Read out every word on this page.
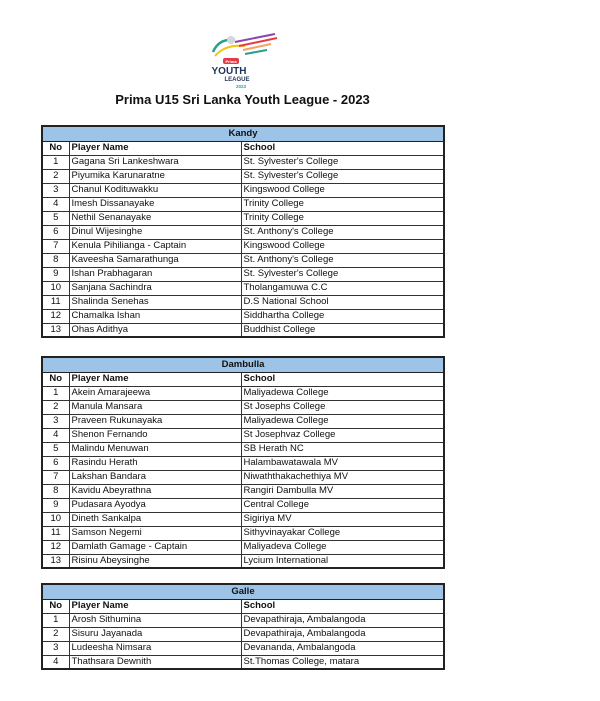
Prima
YOUTH
LEAGUE
2023
Prima U15 Sri Lanka Youth League - 2023
Kandy		
No	Player Name	School
1	Gagana Sri Lankeshwara	St. Sylvester's College
2	Piyumika Karunaratne	St. Sylvester's College
3	Chanul Kodituwakku	Kingswood College
4	Imesh Dissanayake	Trinity College
5	Nethil Senanayake	Trinity College
6	Dinul Wijesinghe	St. Anthony's College
7	Kenula Pihilianga - Captain	Kingswood College
8	Kaveesha Samarathunga	St. Anthony's College
9	Ishan Prabhagaran	St. Sylvester's College
10	Sanjana Sachindra	Tholangamuwa C.C
11	Shalinda Senehas	D.S National School
12	Chamalka Ishan	Siddhartha College
13	Ohas Adithya	Buddhist College
Dambulla		
No	Player Name	School
1	Akein Amarajeewa	Maliyadewa College
2	Manula Mansara	St Josephs College
3	Praveen Rukunayaka	Maliyadewa College
4	Shenon Fernando	St Josephvaz College
5	Malindu Menuwan	SB Herath NC
6	Rasindu Herath	Halambawatawala MV
7	Lakshan Bandara	Niwaththakachethiya MV
8	Kavidu Abeyrathna	Rangiri Dambulla MV
9	Pudasara Ayodya	Central College
10	Dineth Sankalpa	Sigiriya MV
11	Samson Negemi	Sithyvinayakar College
12	Damlath Gamage - Captain	Maliyadeva College
13	Risinu Abeysinghe	Lycium International
Galle		
No	Player Name	School
1	Arosh Sithumina	Devapathiraja, Ambalangoda
2	Sisuru Jayanada	Devapathiraja, Ambalangoda
3	Ludeesha Nimsara	Devananda, Ambalangoda
4	Thathsara Dewnith	St.Thomas College, matara
